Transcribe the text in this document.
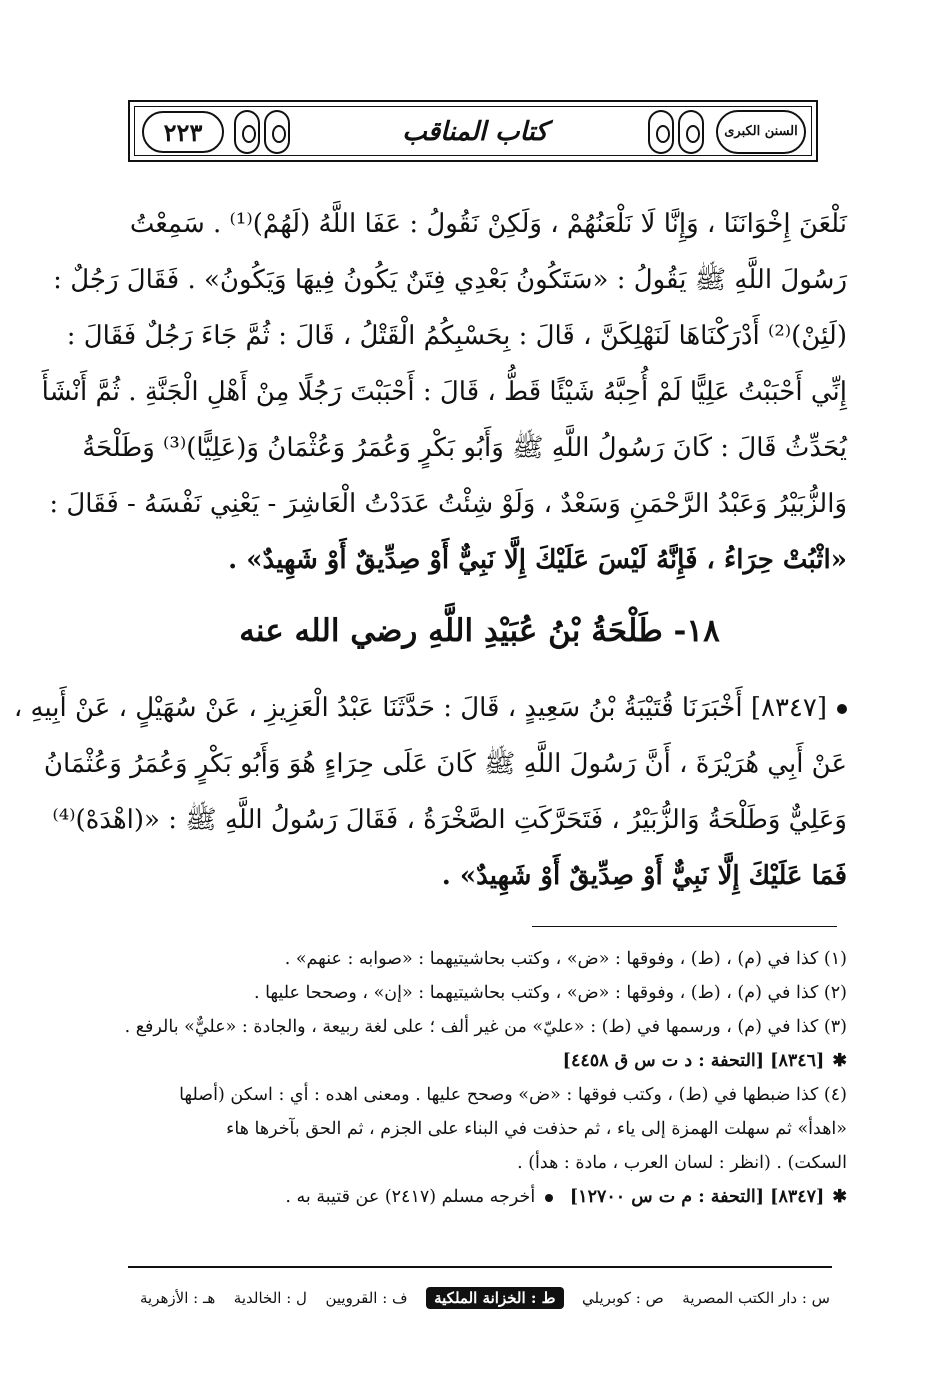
السنن الكبرى
كتاب المناقب
٢٢٣
نَلْعَنَ إِخْوَانَنَا ، وَإِنَّا لَا نَلْعَنُهُمْ ، وَلَكِنْ نَقُولُ : عَفَا اللَّهُ (لَهُمْ)⁽¹⁾ . سَمِعْتُ
رَسُولَ اللَّهِ ﷺ يَقُولُ : «سَتَكُونُ بَعْدِي فِتَنٌ يَكُونُ فِيهَا وَيَكُونُ» . فَقَالَ رَجُلٌ :
(لَئِنْ)⁽²⁾ أَدْرَكْنَاهَا لَنَهْلِكَنَّ ، قَالَ : بِحَسْبِكُمُ الْقَتْلُ ، قَالَ : ثُمَّ جَاءَ رَجُلٌ فَقَالَ :
إِنِّي أَحْبَبْتُ عَلِيًّا لَمْ أُحِبَّهُ شَيْئًا قَطُّ ، قَالَ : أَحْبَبْتَ رَجُلًا مِنْ أَهْلِ الْجَنَّةِ . ثُمَّ أَنْشَأَ
يُحَدِّثُ قَالَ : كَانَ رَسُولُ اللَّهِ ﷺ وَأَبُو بَكْرٍ وَعُمَرُ وَعُثْمَانُ وَ(عَلِيًّا)⁽³⁾ وَطَلْحَةُ
وَالزُّبَيْرُ وَعَبْدُ الرَّحْمَنِ وَسَعْدٌ ، وَلَوْ شِئْتُ عَدَدْتُ الْعَاشِرَ - يَعْنِي نَفْسَهُ - فَقَالَ :
«اثْبُتْ حِرَاءُ ، فَإِنَّهُ لَيْسَ عَلَيْكَ إِلَّا نَبِيٌّ أَوْ صِدِّيقٌ أَوْ شَهِيدٌ» .
١٨- طَلْحَةُ بْنُ عُبَيْدِ اللَّهِ رضي الله عنه
[٨٣٤٧] أَخْبَرَنَا قُتَيْبَةُ بْنُ سَعِيدٍ ، قَالَ : حَدَّثَنَا عَبْدُ الْعَزِيزِ ، عَنْ سُهَيْلٍ ، عَنْ أَبِيهِ ،
عَنْ أَبِي هُرَيْرَةَ ، أَنَّ رَسُولَ اللَّهِ ﷺ كَانَ عَلَى حِرَاءٍ هُوَ وَأَبُو بَكْرٍ وَعُمَرُ وَعُثْمَانُ
وَعَلِيٌّ وَطَلْحَةُ وَالزُّبَيْرُ ، فَتَحَرَّكَتِ الصَّخْرَةُ ، فَقَالَ رَسُولُ اللَّهِ ﷺ : «(اهْدَهْ)⁽⁴⁾
فَمَا عَلَيْكَ إِلَّا نَبِيٌّ أَوْ صِدِّيقٌ أَوْ شَهِيدٌ» .
(١) كذا في (م) ، (ط) ، وفوقها : «ض» ، وكتب بحاشيتيهما : «صوابه : عنهم» .
(٢) كذا في (م) ، (ط) ، وفوقها : «ض» ، وكتب بحاشيتيهما : «إن» ، وصححا عليها .
(٣) كذا في (م) ، ورسمها في (ط) : «عليّ» من غير ألف ؛ على لغة ربيعة ، والجادة : «عليٌّ» بالرفع .
✱[٨٣٤٦] [التحفة : د ت س ق ٤٤٥٨]
(٤) كذا ضبطها في (ط) ، وكتب فوقها : «ض» وصحح عليها . ومعنى اهده : أي : اسكن (أصلها
«اهدأ» ثم سهلت الهمزة إلى ياء ، ثم حذفت في البناء على الجزم ، ثم الحق بآخرها هاء
السكت) . (انظر : لسان العرب ، مادة : هدأ) .
✱[٨٣٤٧] [التحفة : م ت س ١٢٧٠٠]   أخرجه مسلم (٢٤١٧) عن قتيبة به .
س : دار الكتب المصرية
ص : كوبريلي
ط : الخزانة الملكية
ف : القرويين
ل : الخالدية
هـ : الأزهرية
